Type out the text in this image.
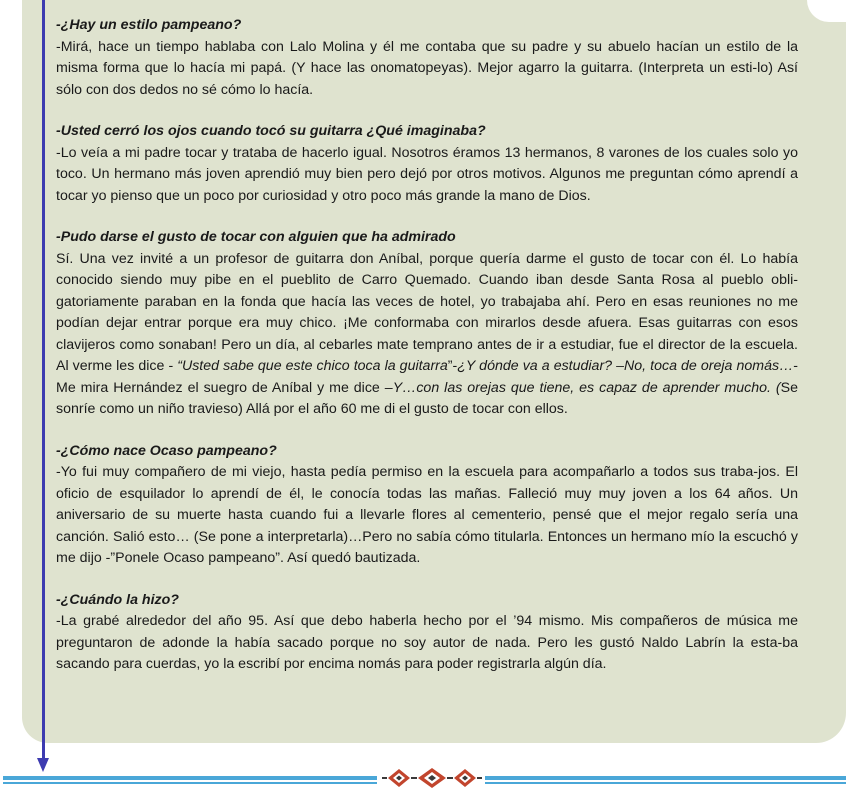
-¿Hay un estilo pampeano?
-Mirá, hace un tiempo hablaba con Lalo Molina y él me contaba que su padre y su abuelo hacían un estilo de la misma forma que lo hacía mi papá. (Y hace las onomatopeyas). Mejor agarro la guitarra. (Interpreta un esti-lo) Así sólo con dos dedos no sé cómo lo hacía.
-Usted cerró los ojos cuando tocó su guitarra ¿Qué imaginaba?
-Lo veía a mi padre tocar y trataba de hacerlo igual. Nosotros éramos 13 hermanos, 8 varones de los cuales solo yo toco. Un hermano más joven aprendió muy bien pero dejó por otros motivos. Algunos me preguntan cómo aprendí a tocar yo pienso que un poco por curiosidad y otro poco más grande la mano de Dios.
-Pudo darse el gusto de tocar con alguien que ha admirado
Sí. Una vez invité a un profesor de guitarra don Aníbal, porque quería darme el gusto de tocar con él. Lo había conocido siendo muy pibe en el pueblito de Carro Quemado. Cuando iban desde Santa Rosa al pueblo obli-gatoriamente paraban en la fonda que hacía las veces de hotel, yo trabajaba ahí. Pero en esas reuniones no me podían dejar entrar porque era muy chico. ¡Me conformaba con mirarlos desde afuera. Esas guitarras con esos clavijeros como sonaban! Pero un día, al cebarles mate temprano antes de ir a estudiar, fue el director de la escuela. Al verme les dice - “Usted sabe que este chico toca la guitarra”-¿Y dónde va a estudiar? –No, toca de oreja nomás…- Me mira Hernández el suegro de Aníbal y me dice –Y…con las orejas que tiene, es capaz de aprender mucho. (Se sonríe como un niño travieso) Allá por el año 60 me di el gusto de tocar con ellos.
-¿Cómo nace Ocaso pampeano?
-Yo fui muy compañero de mi viejo, hasta pedía permiso en la escuela para acompañarlo a todos sus traba-jos. El oficio de esquilador lo aprendí de él, le conocía todas las mañas. Falleció muy muy joven a los 64 años. Un aniversario de su muerte hasta cuando fui a llevarle flores al cementerio, pensé que el mejor regalo sería una canción. Salió esto… (Se pone a interpretarla)…Pero no sabía cómo titularla. Entonces un hermano mío la escuchó y me dijo -”Ponele Ocaso pampeano”. Así quedó bautizada.
-¿Cuándo la hizo?
-La grabé alrededor del año 95. Así que debo haberla hecho por el ’94 mismo. Mis compañeros de música me preguntaron de adonde la había sacado porque no soy autor de nada. Pero les gustó Naldo Labrín la esta-ba sacando para cuerdas, yo la escribí por encima nomás para poder registrarla algún día.
